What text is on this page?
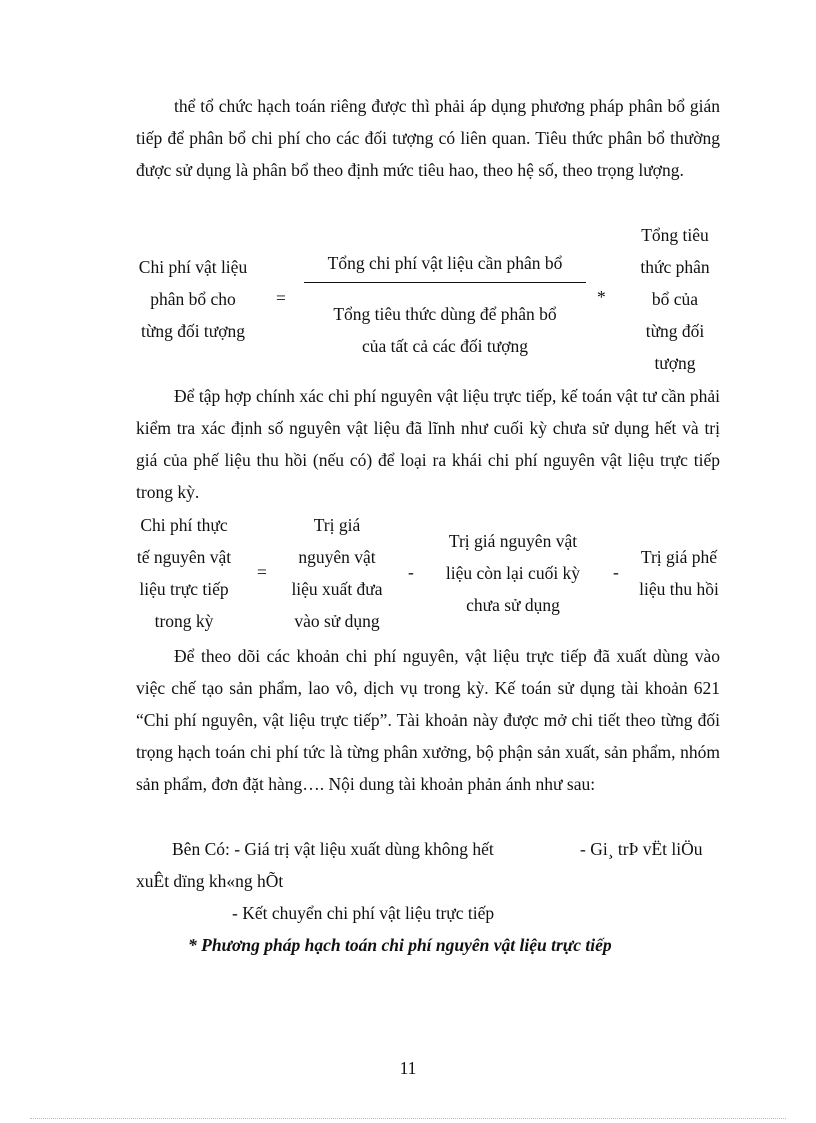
thể tổ chức hạch toán riêng được thì phải áp dụng phương pháp phân bổ gián tiếp để phân bổ chi phí cho các đối tượng có liên quan. Tiêu thức phân bổ thường được sử dụng là phân bổ theo định mức tiêu hao, theo hệ số, theo trọng lượng.
Chi phí vật liệu
phân bổ cho
từng đối tượng
=
Tổng chi phí vật liệu cần phân bổ
Tổng tiêu thức dùng để phân bổ
của tất cả các đối tượng
*
Tổng tiêu
thức phân
bổ của
từng đối
tượng
Để tập hợp chính xác chi phí nguyên vật liệu trực tiếp, kế toán vật tư cần phải kiểm tra xác định số nguyên vật liệu đã lĩnh như cuối kỳ chưa sử dụng hết và trị giá của phế liệu thu hồi (nếu có) để loại ra khái chi phí nguyên vật liệu trực tiếp trong kỳ.
Chi phí thực
tế nguyên vật
liệu trực tiếp
trong kỳ
=
Trị giá
nguyên vật
liệu xuất đưa
vào sử dụng
-
Trị giá nguyên vật
liệu còn lại cuối kỳ
chưa sử dụng
-
Trị giá phế
liệu thu hồi
Để theo dõi các khoản chi phí nguyên, vật liệu trực tiếp đã xuất dùng vào việc chế tạo sản phẩm, lao vô, dịch vụ trong kỳ. Kế toán sử dụng tài khoản 621 “Chi phí nguyên, vật liệu trực tiếp”. Tài khoản này được mở chi tiết theo từng đối trọng hạch toán chi phí tức là từng phân xưởng, bộ phận sản xuất, sản phẩm, nhóm sản phẩm, đơn đặt hàng…. Nội dung tài khoản phản ánh như sau:
Bên Có: - Giá trị vật liệu xuất dùng không hết	- Gi¸ trÞ vËt liÖu
xuÊt dïng kh«ng hÕt
- Kết chuyển chi phí vật liệu trực tiếp
* Phương pháp hạch toán chi phí nguyên vật liệu trực tiếp
11
